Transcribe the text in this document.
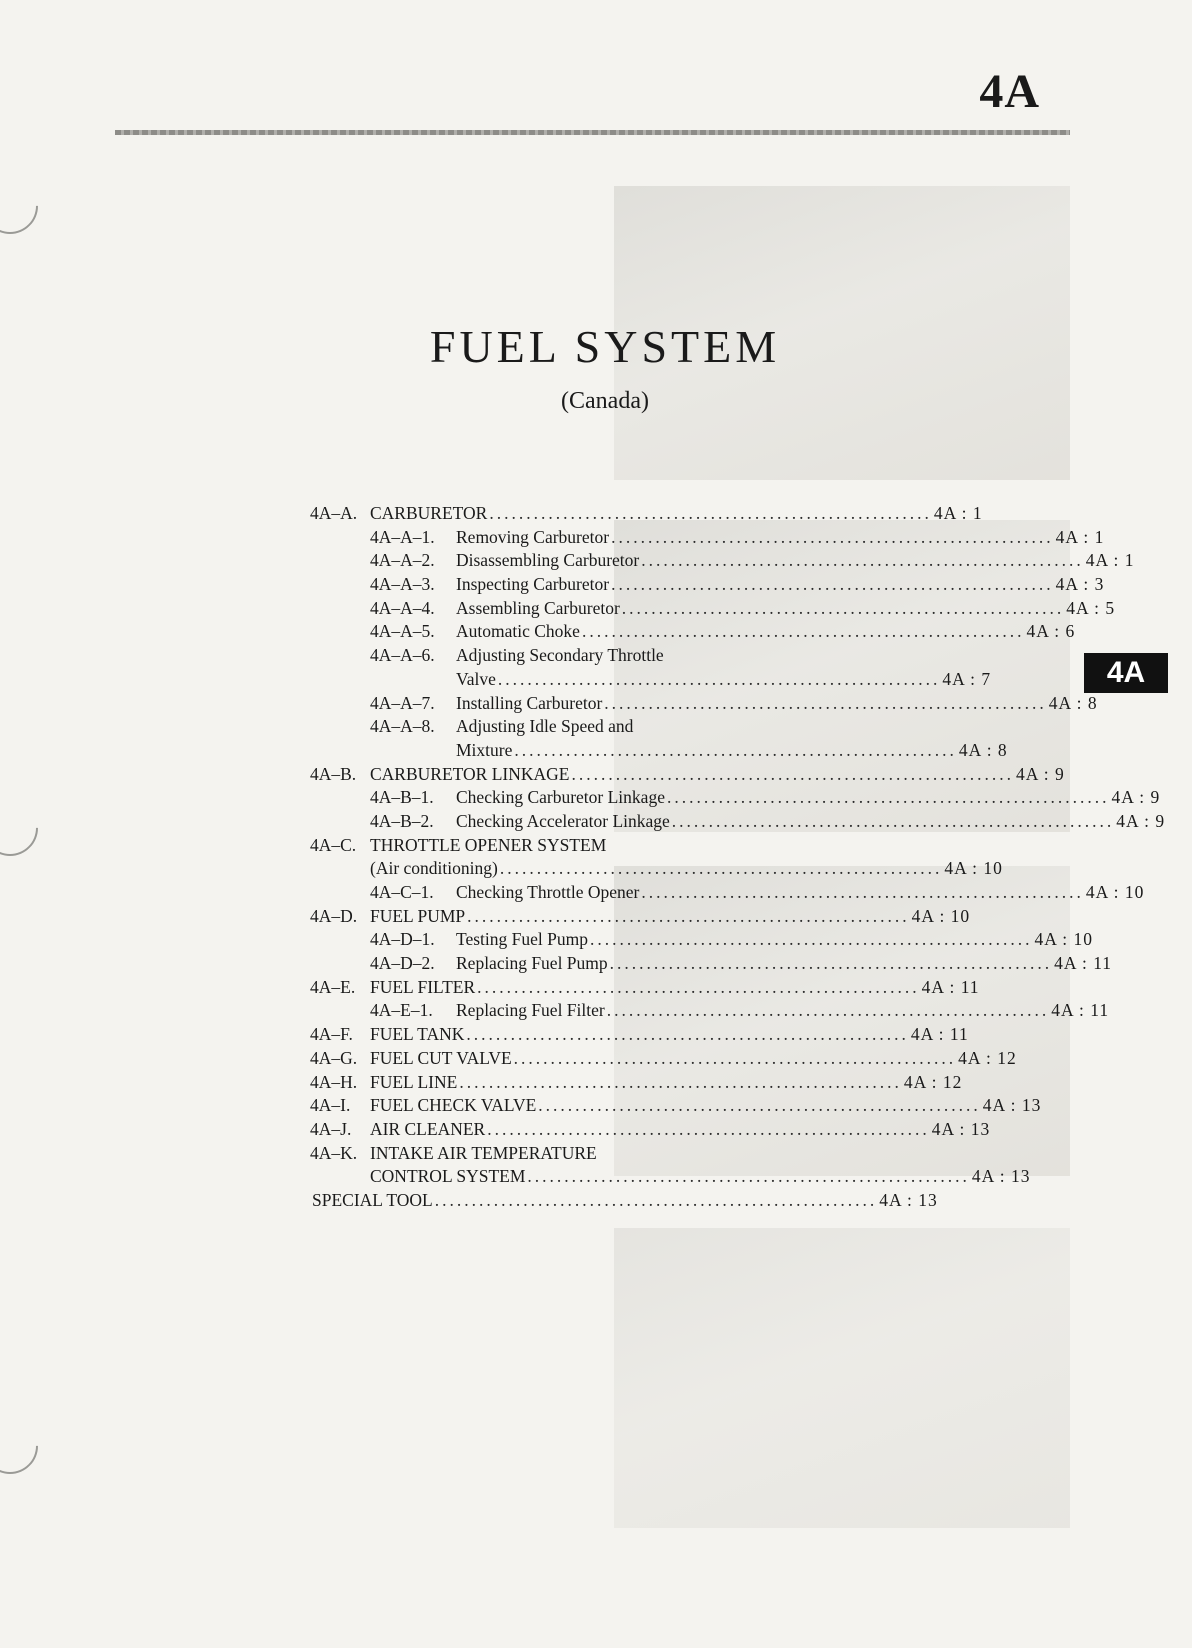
4A
FUEL SYSTEM
(Canada)
4A
4A–A. CARBURETOR ............................................................ 4A : 1
4A–A–1.	Removing Carburetor ............................................................ 4A : 1
4A–A–2.	Disassembling Carburetor ............................................................ 4A : 1
4A–A–3.	Inspecting Carburetor ............................................................ 4A : 3
4A–A–4.	Assembling Carburetor ............................................................ 4A : 5
4A–A–5.	Automatic Choke ............................................................ 4A : 6
4A–A–6.	Adjusting Secondary Throttle
Valve ............................................................ 4A : 7
4A–A–7.	Installing Carburetor ............................................................ 4A : 8
4A–A–8.	Adjusting Idle Speed and
Mixture ............................................................ 4A : 8
4A–B. CARBURETOR LINKAGE ............................................................ 4A : 9
4A–B–1.	Checking Carburetor Linkage ............................................................ 4A : 9
4A–B–2.	Checking Accelerator Linkage ............................................................ 4A : 9
4A–C. THROTTLE OPENER SYSTEM
(Air conditioning) ............................................................ 4A : 10
4A–C–1.	Checking Throttle Opener ............................................................ 4A : 10
4A–D. FUEL PUMP ............................................................ 4A : 10
4A–D–1.	Testing Fuel Pump ............................................................ 4A : 10
4A–D–2.	Replacing Fuel Pump ............................................................ 4A : 11
4A–E. FUEL FILTER ............................................................ 4A : 11
4A–E–1.	Replacing Fuel Filter ............................................................ 4A : 11
4A–F. FUEL TANK ............................................................ 4A : 11
4A–G. FUEL CUT VALVE ............................................................ 4A : 12
4A–H. FUEL LINE ............................................................ 4A : 12
4A–I.	FUEL CHECK VALVE ............................................................ 4A : 13
4A–J.	AIR CLEANER ............................................................ 4A : 13
4A–K. INTAKE AIR TEMPERATURE
CONTROL SYSTEM ............................................................ 4A : 13
SPECIAL TOOL ............................................................ 4A : 13
